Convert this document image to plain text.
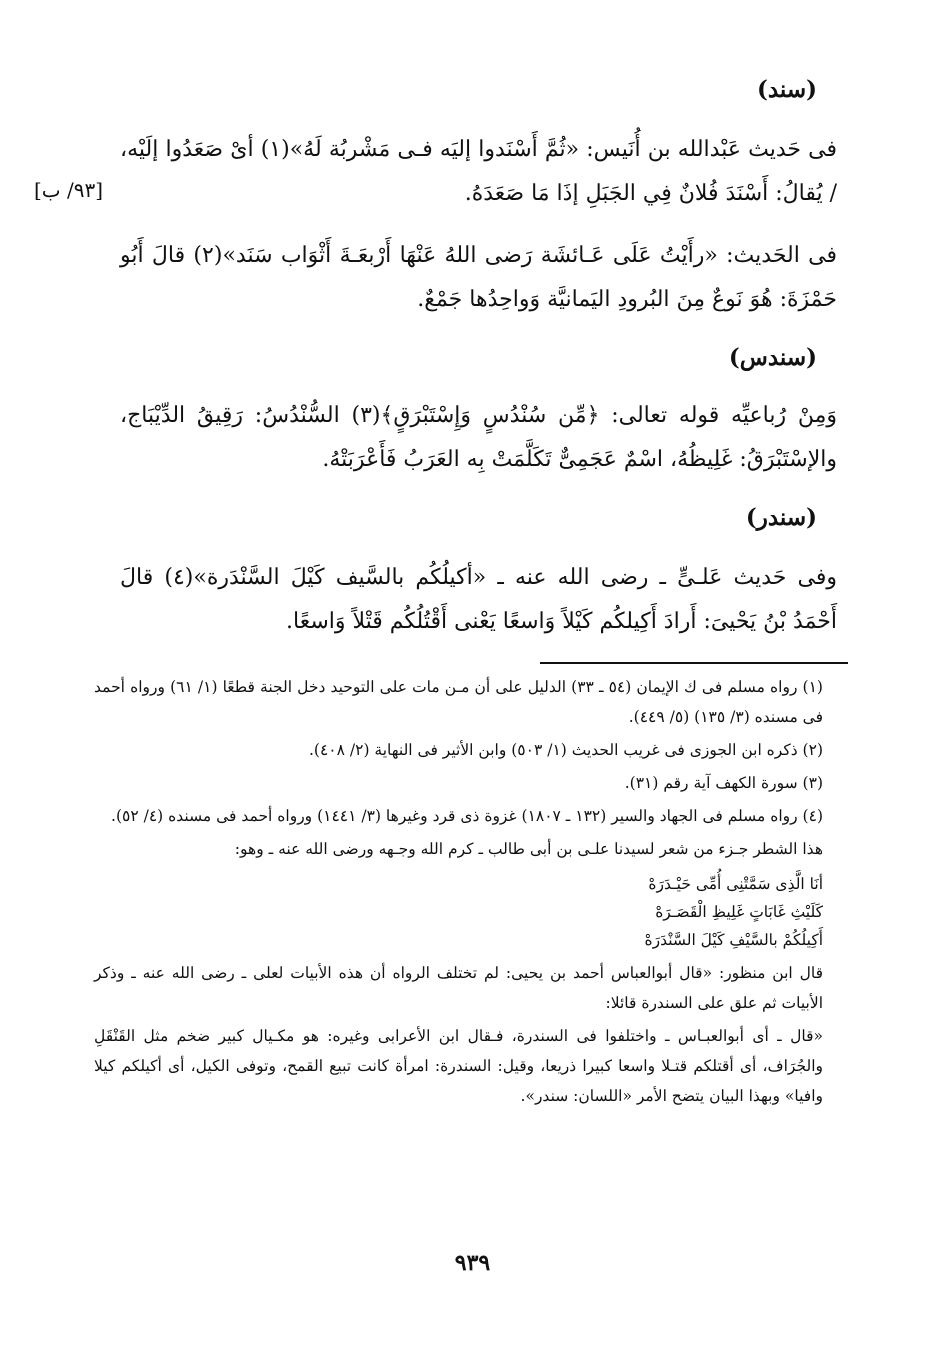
[٩٣/ ب]
(سند)
فى حَديث عَبْدالله بن أُنَيس: «ثُمَّ أَسْنَدوا إليَه فـى مَشْربُة لَهُ»(١) أىْ صَعَدُوا إلَيْه، / يُقالُ: أَسْنَدَ فُلانٌ فِي الجَبَلِ إذَا مَا صَعَدَهُ.
فى الحَديث: «رأَيْتُ عَلَى عَـائشَة رَضى اللهُ عَنْهَا أَرْبعَـةَ أَثْوَاب سَنَد»(٢) قالَ أَبُو حَمْزَةَ: هُوَ نَوعٌ مِنَ البُرودِ اليَمانيَّة وَواحِدُها جَمْعٌ.
(سندس)
وَمِنْ رُباعيِّه قوله تعالى: ﴿مِّن سُنْدُسٍ وَإِسْتَبْرَقٍ﴾(٣) السُّنْدُسُ: رَقِيقُ الدِّيْبَاج، والإسْتَبْرَقُ: غَلِيظُهُ، اسْمٌ عَجَمِىٌّ تَكَلَّمَتْ بِه العَرَبُ فَأَعْرَبَتْهُ.
(سندر)
وفى حَديث عَلـىٍّ ـ رضى الله عنه ـ «أكيلُكُم بالسَّيف كَيْلَ السَّنْدَرة»(٤) قالَ أَحْمَدُ بْنُ يَحْيىَ: أَرادَ أَكِيلكُم كَيْلاً وَاسعًا يَعْنى أَقْتُلُكُم قَتْلاً وَاسعًا.
(١) رواه مسلم فى ك الإيمان (٥٤ ـ ٣٣) الدليل على أن مـن مات على التوحيد دخل الجنة قطعًا (١/ ٦١) ورواه أحمد فى مسنده (٣/ ١٣٥) (٥/ ٤٤٩).
(٢) ذكره ابن الجوزى فى غريب الحديث (١/ ٥٠٣) وابن الأثير فى النهاية (٢/ ٤٠٨).
(٣) سورة الكهف آية رقم (٣١).
(٤) رواه مسلم فى الجهاد والسير (١٣٢ ـ ١٨٠٧) غزوة ذى قرد وغيرها (٣/ ١٤٤١) ورواه أحمد فى مسنده (٤/ ٥٢).
هذا الشطر جـزء من شعر لسيدنا علـى بن أبى طالب ـ كرم الله وجـهه ورضى الله عنه ـ وهو:
أنَا الَّذِى سَمَّتْنِى أُمِّى حَيْـدَرَهْ
كَلَيْثِ غَابَاتٍ غَلِيظِ الْقَصَـرَهْ
أَكِيلُكُمْ بالسَّيْفِ كَيْلَ السَّنْدَرَهْ
قال ابن منظور: «قال أبوالعباس أحمد بن يحيى: لم تختلف الرواه أن هذه الأبيات لعلى ـ رضى الله عنه ـ وذكر الأبيات ثم علق على السندرة قائلا:
«قال ـ أى أبوالعبـاس ـ واختلفوا فى السندرة، فـقال ابن الأعرابى وغيره: هو مكـيال كبير ضخم مثل القَنْقَلِ والجُرَاف، أى أقتلكم قتـلا واسعا كبيرا ذريعا، وقيل: السندرة: امرأة كانت تبيع القمح، وتوفى الكيل، أى أكيلكم كيلا وافيا» وبهذا البيان يتضح الأمر «اللسان: سندر».
٩٣٩
